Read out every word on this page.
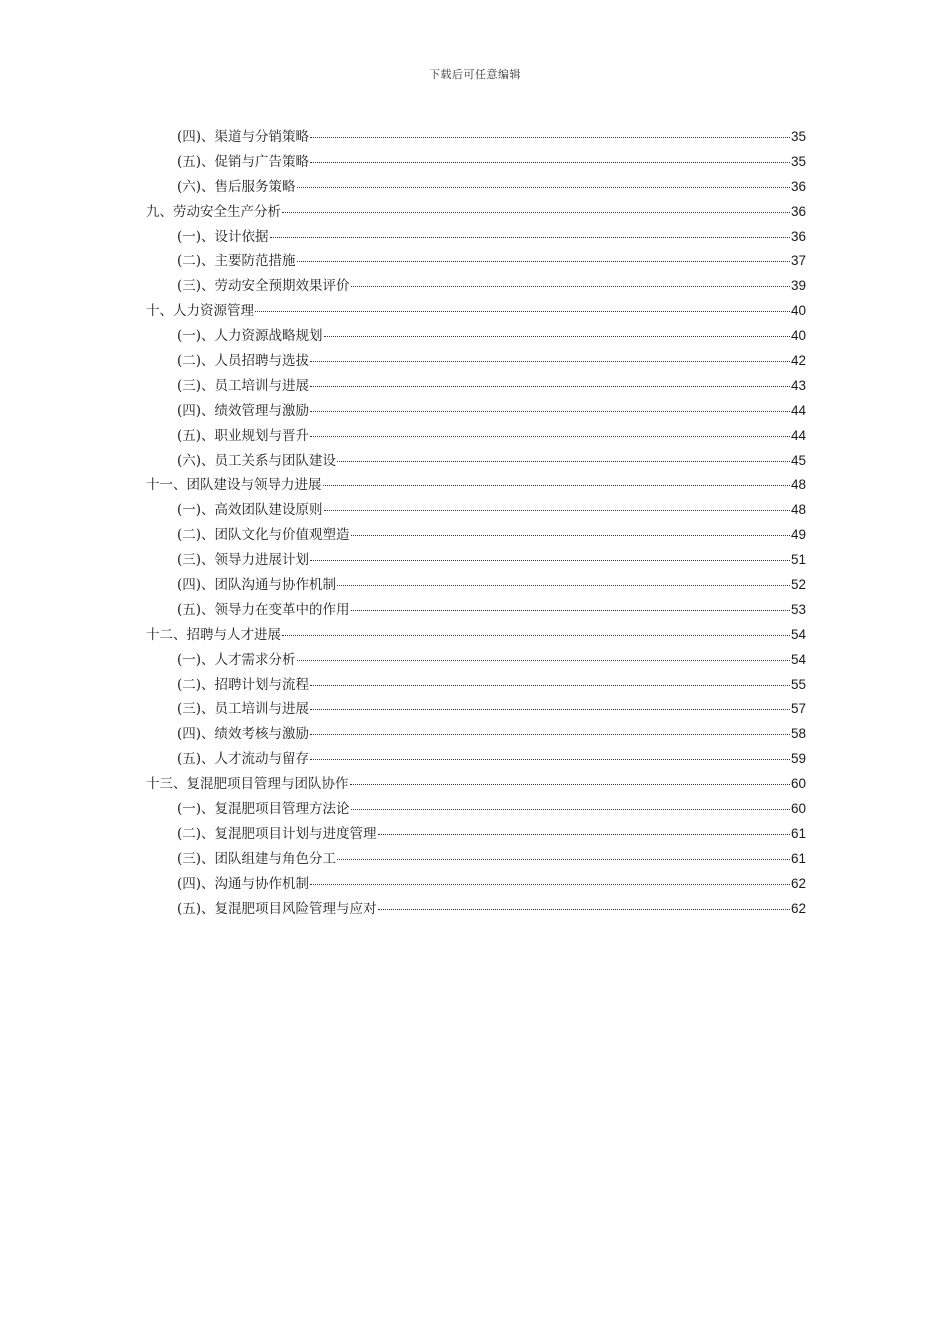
下载后可任意编辑
(四)、渠道与分销策略	35
(五)、促销与广告策略	35
(六)、售后服务策略	36
九、劳动安全生产分析	36
(一)、设计依据	36
(二)、主要防范措施	37
(三)、劳动安全预期效果评价	39
十、人力资源管理	40
(一)、人力资源战略规划	40
(二)、人员招聘与选拔	42
(三)、员工培训与进展	43
(四)、绩效管理与激励	44
(五)、职业规划与晋升	44
(六)、员工关系与团队建设	45
十一、团队建设与领导力进展	48
(一)、高效团队建设原则	48
(二)、团队文化与价值观塑造	49
(三)、领导力进展计划	51
(四)、团队沟通与协作机制	52
(五)、领导力在变革中的作用	53
十二、招聘与人才进展	54
(一)、人才需求分析	54
(二)、招聘计划与流程	55
(三)、员工培训与进展	57
(四)、绩效考核与激励	58
(五)、人才流动与留存	59
十三、复混肥项目管理与团队协作	60
(一)、复混肥项目管理方法论	60
(二)、复混肥项目计划与进度管理	61
(三)、团队组建与角色分工	61
(四)、沟通与协作机制	62
(五)、复混肥项目风险管理与应对	62
